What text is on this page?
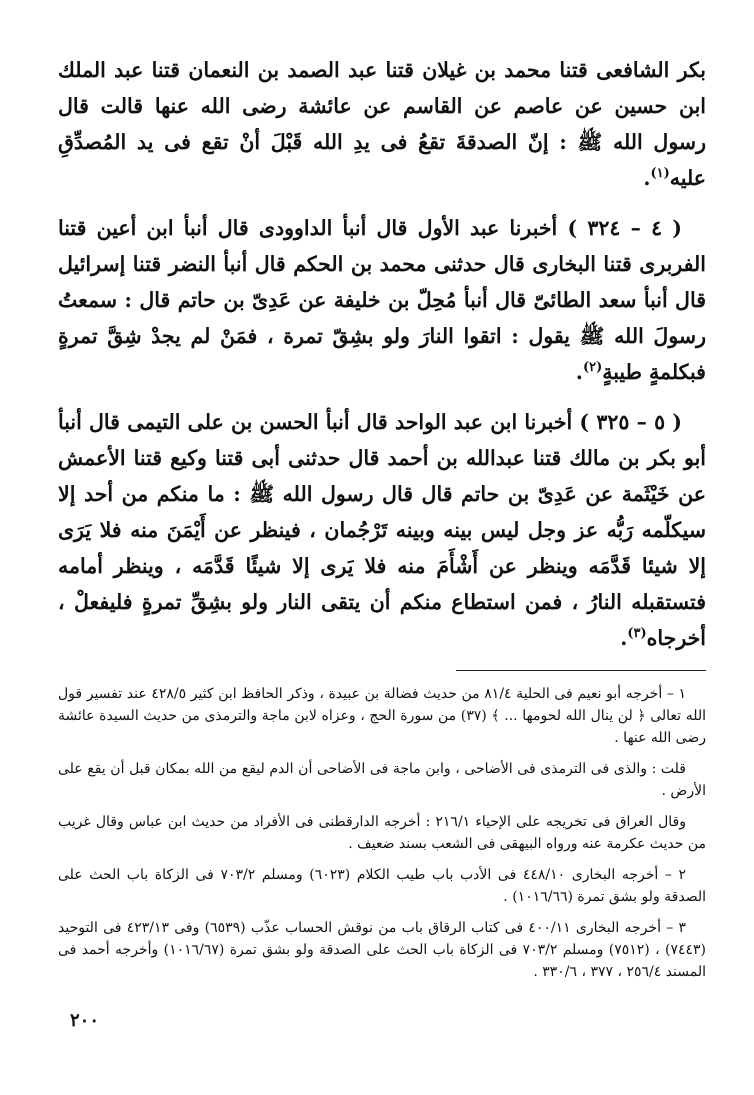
بكر الشافعى قتنا محمد بن غيلان قتنا عبد الصمد بن النعمان قتنا عبد الملك ابن حسين عن عاصم عن القاسم عن عائشة رضى الله عنها قالت قال رسول الله ﷺ : إنّ الصدقةَ تقعُ فى يدِ الله قَبْلَ أنْ تقع فى يد المُصدِّقِ عليه$^{(١)}$.

( ٤ – ٣٢٤ ) أخبرنا عبد الأول قال أنبأ الداوودى قال أنبأ ابن أعين قتنا الفربرى قتنا البخارى قال حدثنى محمد بن الحكم قال أنبأ النضر قتنا إسرائيل قال أنبأ سعد الطائىّ قال أنبأ مُحِلّ بن خليفة عن عَدِىّ بن حاتم قال : سمعتُ رسولَ الله ﷺ يقول : اتقوا النارَ ولو بشِقّ تمرة ، فمَنْ لم يجدْ شِقَّ تمرةٍ فبكلمةٍ طيبةٍ$^{(٢)}$.

( ٥ – ٣٢٥ ) أخبرنا ابن عبد الواحد قال أنبأ الحسن بن على التيمى قال أنبأ أبو بكر بن مالك قتنا عبدالله بن أحمد قال حدثنى أبى قتنا وكيع قتنا الأعمش عن خَيْثَمة عن عَدِىّ بن حاتم قال قال رسول الله ﷺ : ما منكم من أحد إلا سيكلّمه رَبُّه عز وجل ليس بينه وبينه تَرْجُمان ، فينظر عن أَيْمَنَ منه فلا يَرَى إلا شيئا قَدَّمَه وينظر عن أَشْأَمَ منه فلا يَرى إلا شيئًا قَدَّمَه ، وينظر أمامه فتستقبله النارُ ، فمن استطاع منكم أن يتقى النار ولو بشِقِّ تمرةٍ فليفعلْ ، أخرجاه$^{(٣)}$.

١ – أخرجه أبو نعيم فى الحلية ٨١/٤ من حديث فضالة بن عبيدة ، وذكر الحافظ ابن كثير ٤٢٨/٥ عند تفسير قول الله تعالى ﴿ لن ينال الله لحومها ... ﴾ (٣٧) من سورة الحج ، وعزاه لابن ماجة والترمذى من حديث السيدة عائشة رضى الله عنها .

قلت : والذى فى الترمذى فى الأضاحى ، وابن ماجة فى الأضاحى أن الدم ليقع من الله بمكان قبل أن يقع على الأرض .

وقال العراق فى تخريجه على الإحياء ٢١٦/١ : أخرجه الدارقطنى فى الأفراد من حديث ابن عباس وقال غريب من حديث عكرمة عنه ورواه البيهقى فى الشعب بسند ضعيف .

٢ – أخرجه البخارى ٤٤٨/١٠ فى الأدب باب طيب الكلام (٦٠٢٣) ومسلم ٧٠٣/٢ فى الزكاة باب الحث على الصدقة ولو بشق تمرة (١٠١٦/٦٦) .

٣ – أخرجه البخارى ٤٠٠/١١ فى كتاب الرقاق باب من نوقش الحساب عذّب (٦٥٣٩) وفى ٤٢٣/١٣ فى التوحيد (٧٤٤٣) ، (٧٥١٢) ومسلم ٧٠٣/٢ فى الزكاة باب الحث على الصدقة ولو بشق تمرة (١٠١٦/٦٧) وأخرجه أحمد فى المسند ٢٥٦/٤ ، ٣٧٧ ، ٣٣٠/٦ .

٢٠٠
